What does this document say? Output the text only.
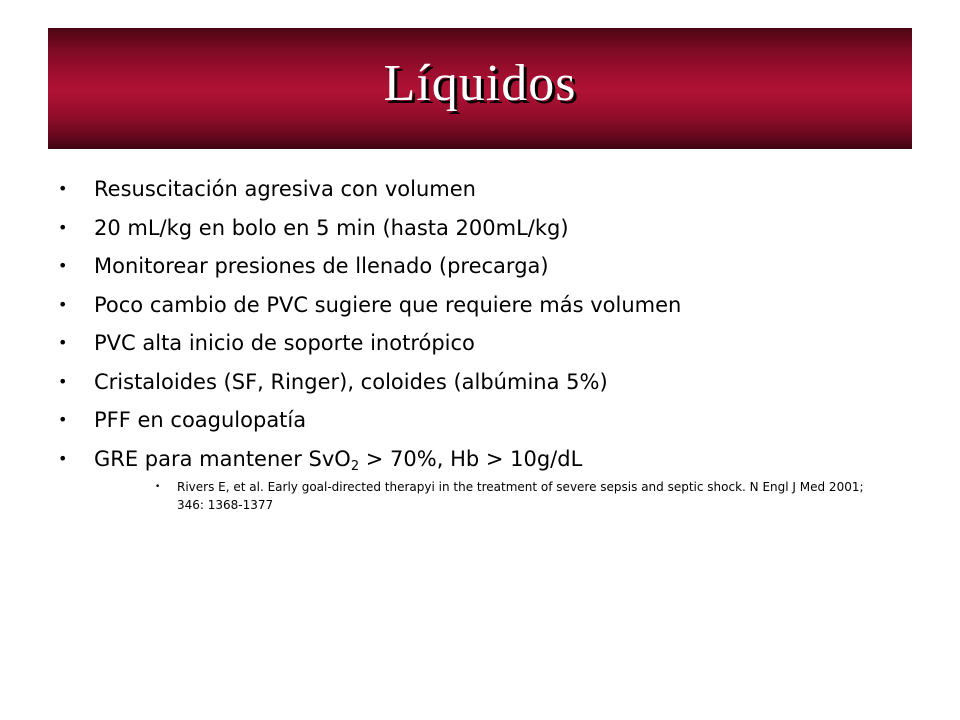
Líquidos
•	Resuscitación agresiva con volumen
•	20 mL/kg en bolo en 5 min (hasta 200mL/kg)
•	Monitorear presiones de llenado (precarga)
•	Poco cambio de PVC sugiere que requiere más volumen
•	PVC alta inicio de soporte inotrópico
•	Cristaloides (SF, Ringer), coloides (albúmina 5%)
•	PFF en coagulopatía
•	GRE para mantener SvO$_2$ > 70%, Hb > 10g/dL
•	Rivers E, et al. Early goal-directed therapyi in the treatment of severe sepsis and septic shock. N Engl J Med 2001; 346: 1368-1377
